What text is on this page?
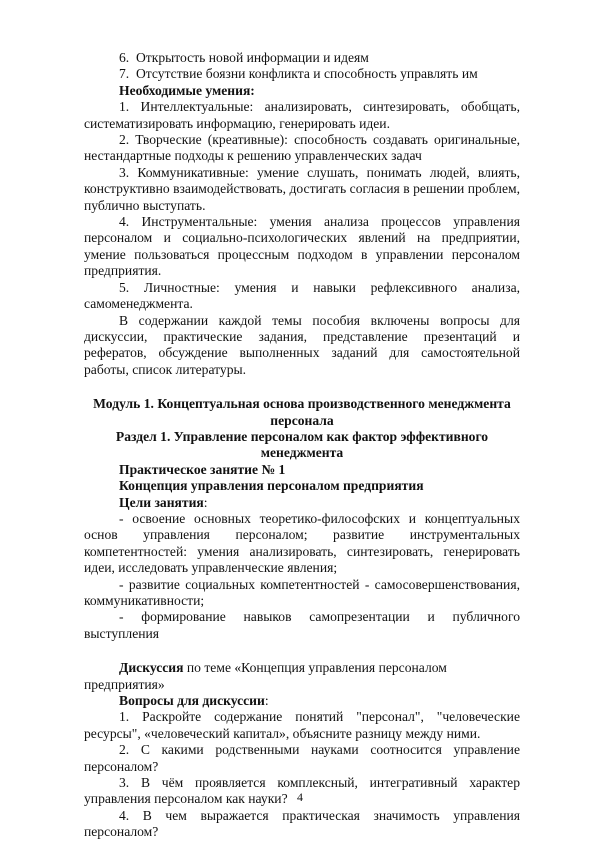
6.  Открытость новой информации и идеям

7.  Отсутствие боязни конфликта и способность управлять им

Необходимые умения:

1. Интеллектуальные: анализировать, синтезировать, обобщать, систематизировать информацию, генерировать идеи.

2. Творческие (креативные): способность создавать оригинальные, нестандартные подходы к решению управленческих задач

3. Коммуникативные: умение слушать, понимать людей, влиять, конструктивно взаимодействовать, достигать согласия в решении проблем, публично выступать.

4. Инструментальные: умения анализа процессов управления персоналом и социально-психологических явлений на предприятии, умение пользоваться процессным подходом в управлении персоналом предприятия.

5. Личностные: умения и навыки рефлексивного анализа, самоменеджмента.

В содержании каждой темы пособия включены вопросы для дискуссии, практические задания, представление презентаций и рефератов, обсуждение выполненных заданий для самостоятельной работы, список литературы.

Модуль 1. Концептуальная основа производственного менеджмента персонала

Раздел 1. Управление персоналом как фактор эффективного менеджмента

Практическое занятие № 1

Концепция управления персоналом предприятия

Цели занятия:

- освоение основных теоретико-философских и концептуальных основ управления персоналом; развитие инструментальных компетентностей: умения анализировать, синтезировать, генерировать идеи, исследовать управленческие явления;

- развитие социальных компетентностей - самосовершенствования, коммуникативности;

- формирование навыков самопрезентации и публичного выступления

Дискуссия по теме «Концепция управления персоналом предприятия»

Вопросы для дискуссии:

1. Раскройте содержание понятий "персонал", "человеческие ресурсы", «человеческий капитал», объясните разницу между ними.

2. С какими родственными науками соотносится управление персоналом?

3. В чём проявляется комплексный, интегративный характер управления персоналом как науки?

4. В чем выражается практическая значимость управления персоналом?

4
